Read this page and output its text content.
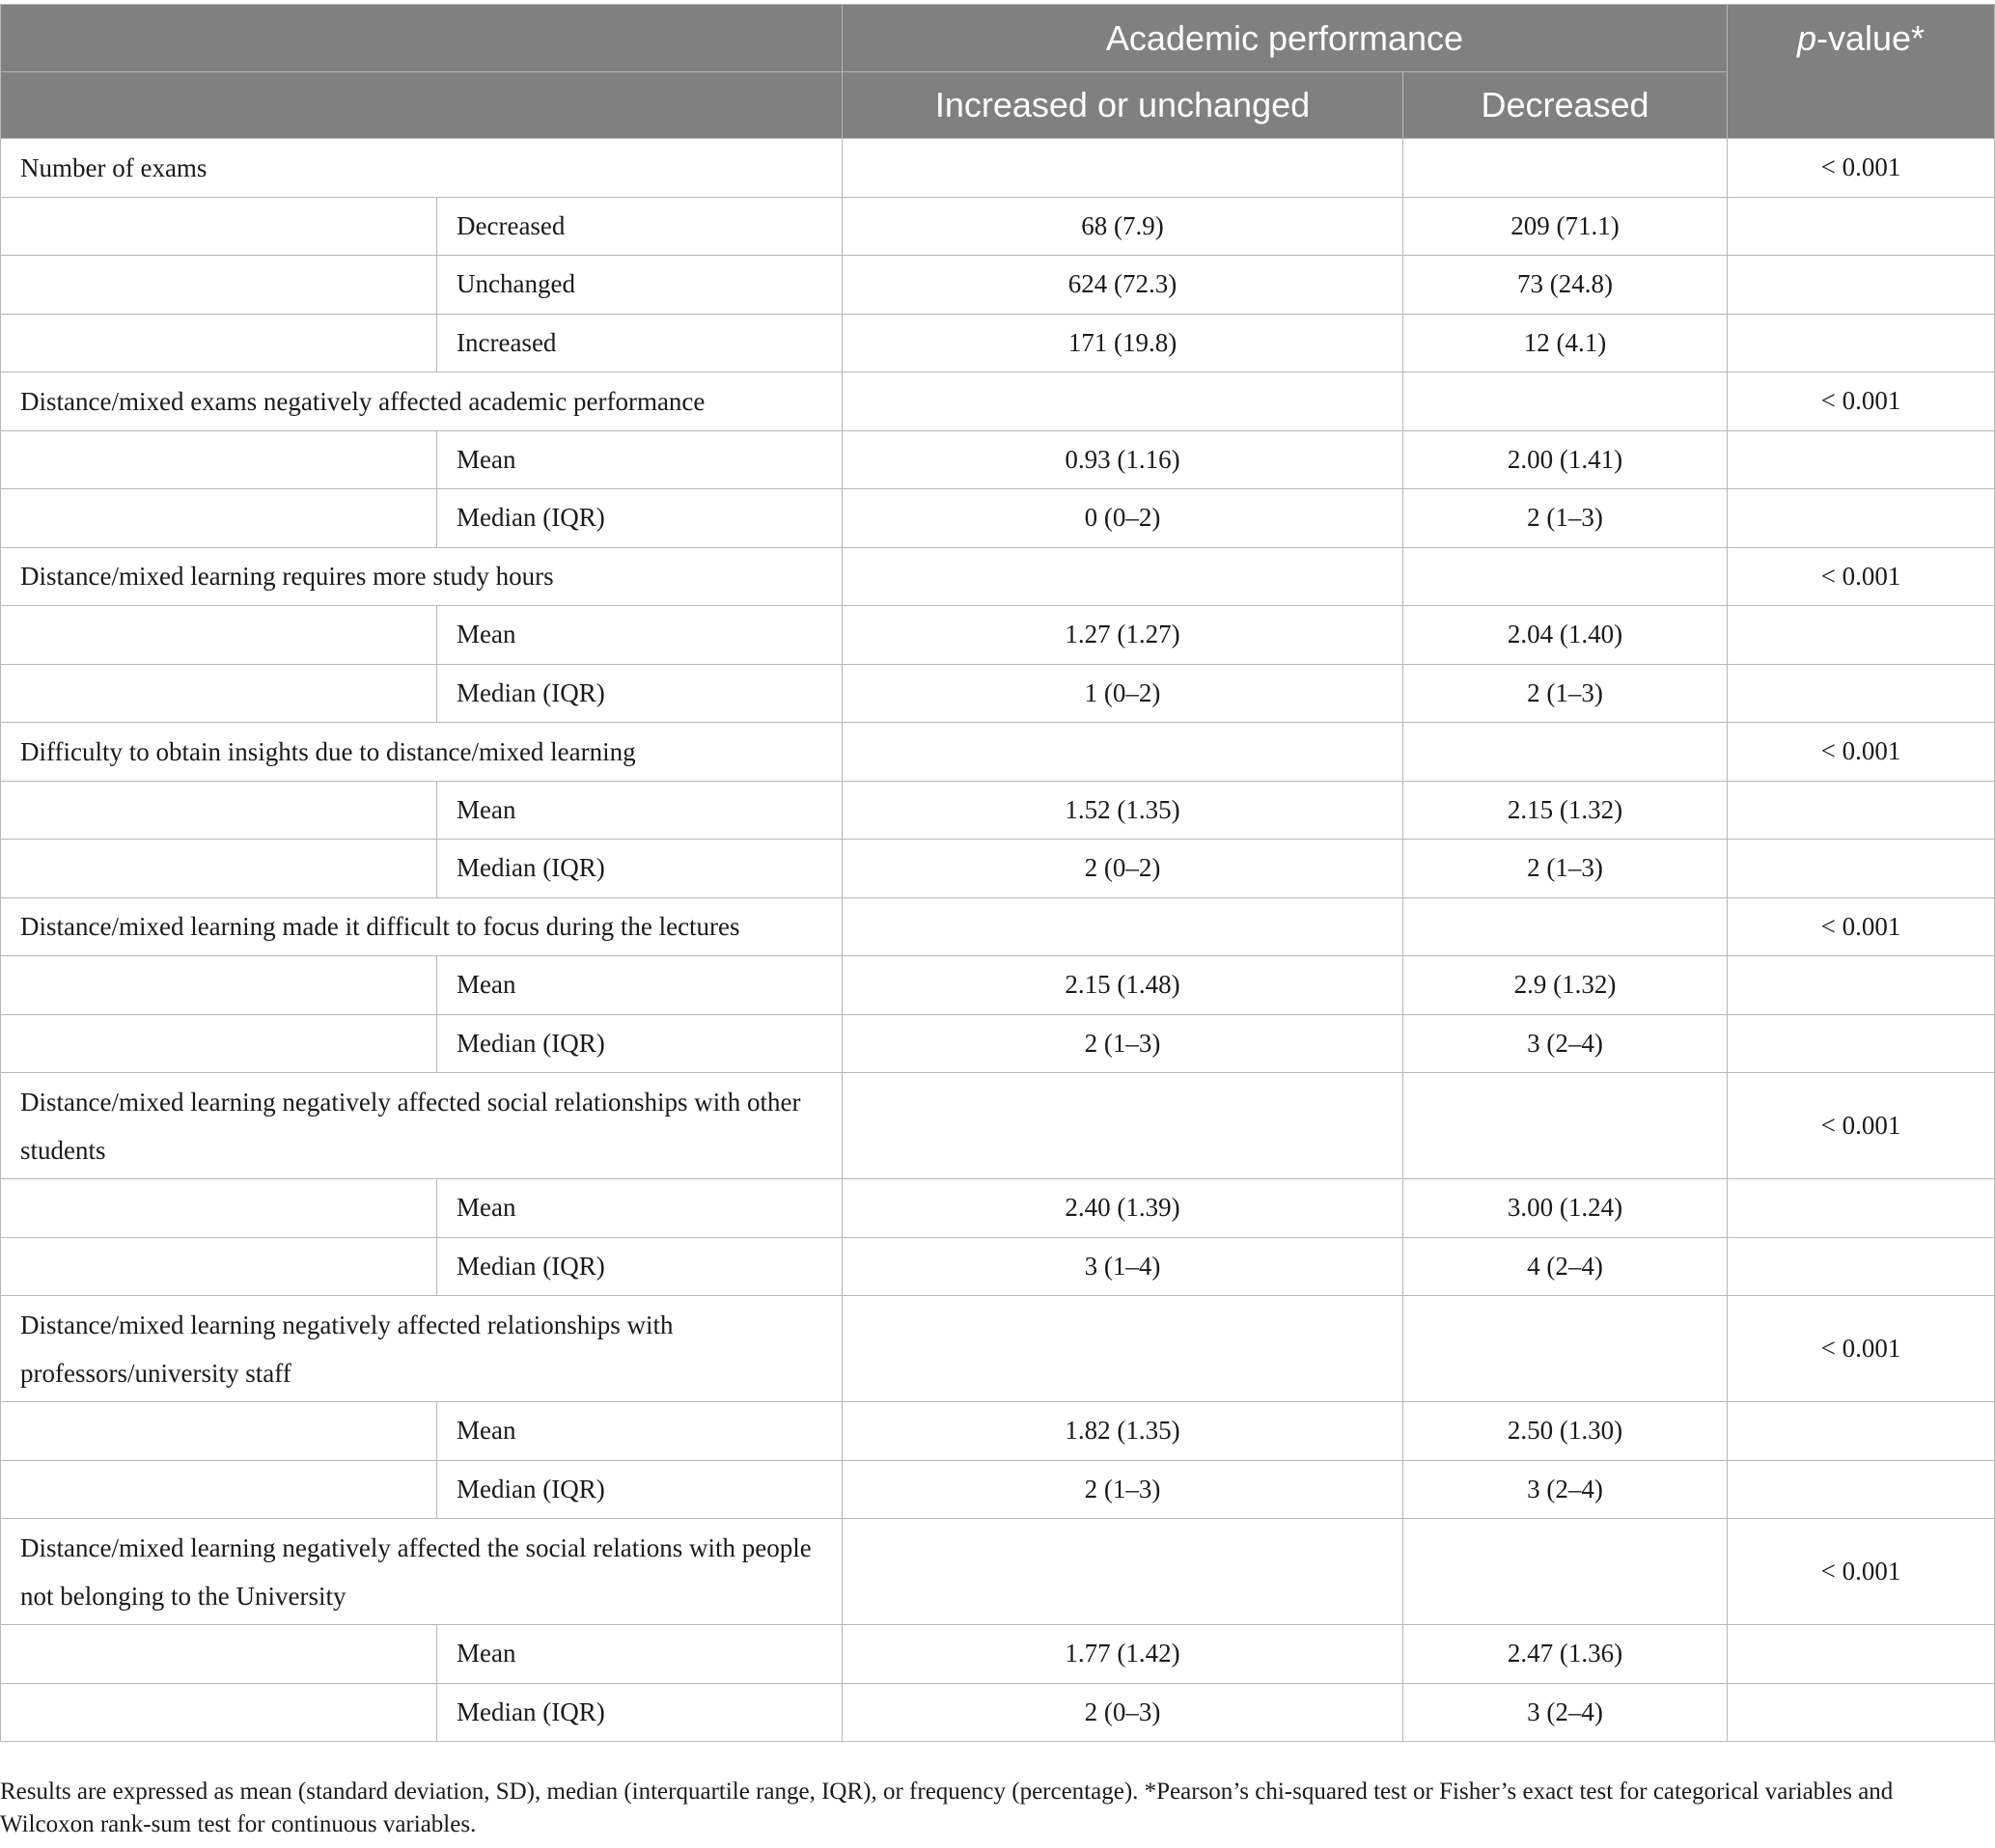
		Academic performance		p-value*
		Increased or unchanged	Decreased	
Number of exams				< 0.001
	Decreased	68 (7.9)	209 (71.1)	
	Unchanged	624 (72.3)	73 (24.8)	
	Increased	171 (19.8)	12 (4.1)	
Distance/mixed exams negatively affected academic performance				< 0.001
	Mean	0.93 (1.16)	2.00 (1.41)	
	Median (IQR)	0 (0–2)	2 (1–3)	
Distance/mixed learning requires more study hours				< 0.001
	Mean	1.27 (1.27)	2.04 (1.40)	
	Median (IQR)	1 (0–2)	2 (1–3)	
Difficulty to obtain insights due to distance/mixed learning				< 0.001
	Mean	1.52 (1.35)	2.15 (1.32)	
	Median (IQR)	2 (0–2)	2 (1–3)	
Distance/mixed learning made it difficult to focus during the lectures				< 0.001
	Mean	2.15 (1.48)	2.9 (1.32)	
	Median (IQR)	2 (1–3)	3 (2–4)	
Distance/mixed learning negatively affected social relationships with other students				< 0.001
	Mean	2.40 (1.39)	3.00 (1.24)	
	Median (IQR)	3 (1–4)	4 (2–4)	
Distance/mixed learning negatively affected relationships with professors/university staff				< 0.001
	Mean	1.82 (1.35)	2.50 (1.30)	
	Median (IQR)	2 (1–3)	3 (2–4)	
Distance/mixed learning negatively affected the social relations with people not belonging to the University				< 0.001
	Mean	1.77 (1.42)	2.47 (1.36)	
	Median (IQR)	2 (0–3)	3 (2–4)	
Results are expressed as mean (standard deviation, SD), median (interquartile range, IQR), or frequency (percentage). *Pearson’s chi-squared test or Fisher’s exact test for categorical variables and Wilcoxon rank-sum test for continuous variables.
